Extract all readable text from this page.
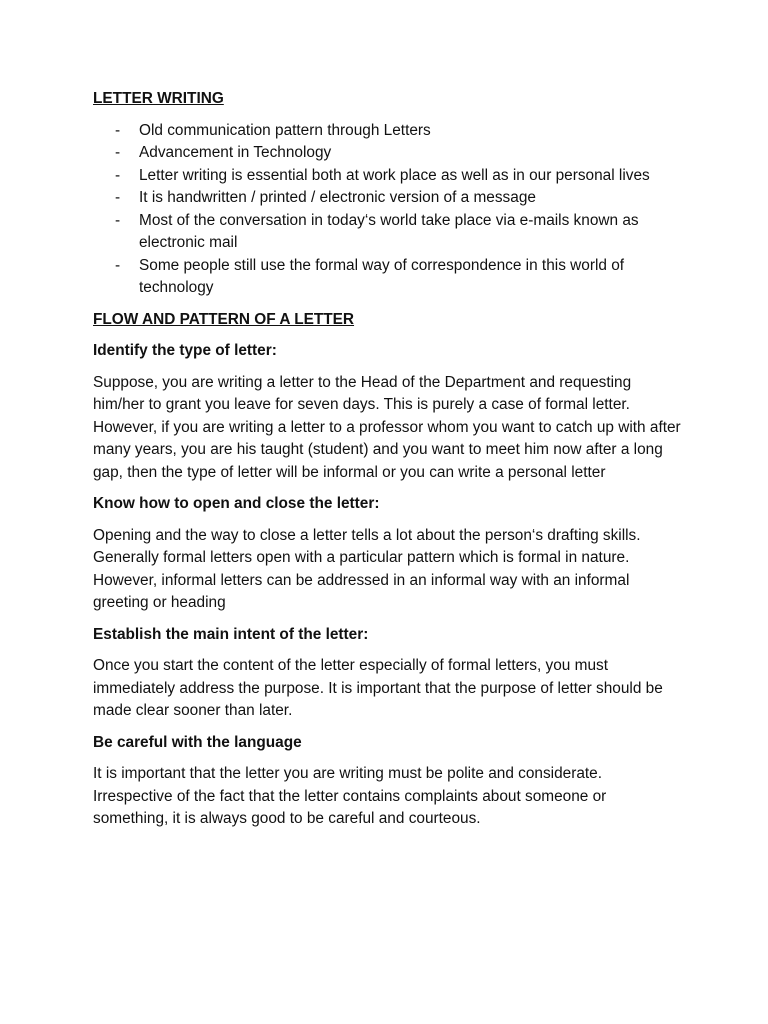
LETTER WRITING
- Old communication pattern through Letters
- Advancement in Technology
- Letter writing is essential both at work place as well as in our personal lives
- It is handwritten / printed / electronic version of a message
- Most of the conversation in today‘s world take place via e-mails known as electronic mail
- Some people still use the formal way of correspondence in this world of technology
FLOW AND PATTERN OF A LETTER
Identify the type of letter:

Suppose, you are writing a letter to the Head of the Department and requesting him/her to grant you leave for seven days. This is purely a case of formal letter. However, if you are writing a letter to a professor whom you want to catch up with after many years, you are his taught (student) and you want to meet him now after a long gap, then the type of letter will be informal or you can write a personal letter

Know how to open and close the letter:

Opening and the way to close a letter tells a lot about the person‘s drafting skills. Generally formal letters open with a particular pattern which is formal in nature. However, informal letters can be addressed in an informal way with an informal greeting or heading

Establish the main intent of the letter:

Once you start the content of the letter especially of formal letters, you must immediately address the purpose. It is important that the purpose of letter should be made clear sooner than later.

Be careful with the language

It is important that the letter you are writing must be polite and considerate. Irrespective of the fact that the letter contains complaints about someone or something, it is always good to be careful and courteous.
